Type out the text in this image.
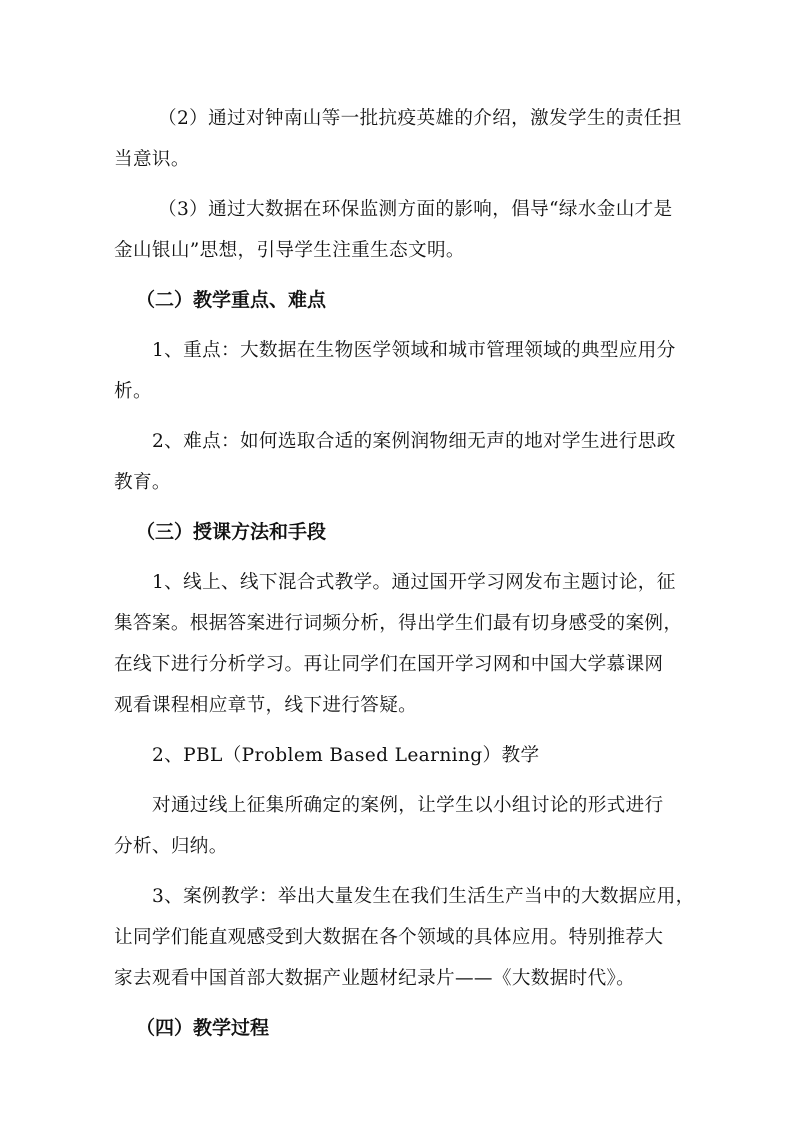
（2）通过对钟南山等一批抗疫英雄的介绍，激发学生的责任担
当意识。

（3）通过大数据在环保监测方面的影响，倡导“绿水金山才是
金山银山”思想，引导学生注重生态文明。

（二）教学重点、难点

1、重点：大数据在生物医学领域和城市管理领域的典型应用分
析。

2、难点：如何选取合适的案例润物细无声的地对学生进行思政
教育。

（三）授课方法和手段

1、线上、线下混合式教学。通过国开学习网发布主题讨论，征
集答案。根据答案进行词频分析，得出学生们最有切身感受的案例，
在线下进行分析学习。再让同学们在国开学习网和中国大学慕课网
观看课程相应章节，线下进行答疑。

2、PBL（Problem Based Learning）教学

对通过线上征集所确定的案例，让学生以小组讨论的形式进行
分析、归纳。

3、案例教学：举出大量发生在我们生活生产当中的大数据应用，
让同学们能直观感受到大数据在各个领域的具体应用。特别推荐大
家去观看中国首部大数据产业题材纪录片——《大数据时代》。

（四）教学过程
